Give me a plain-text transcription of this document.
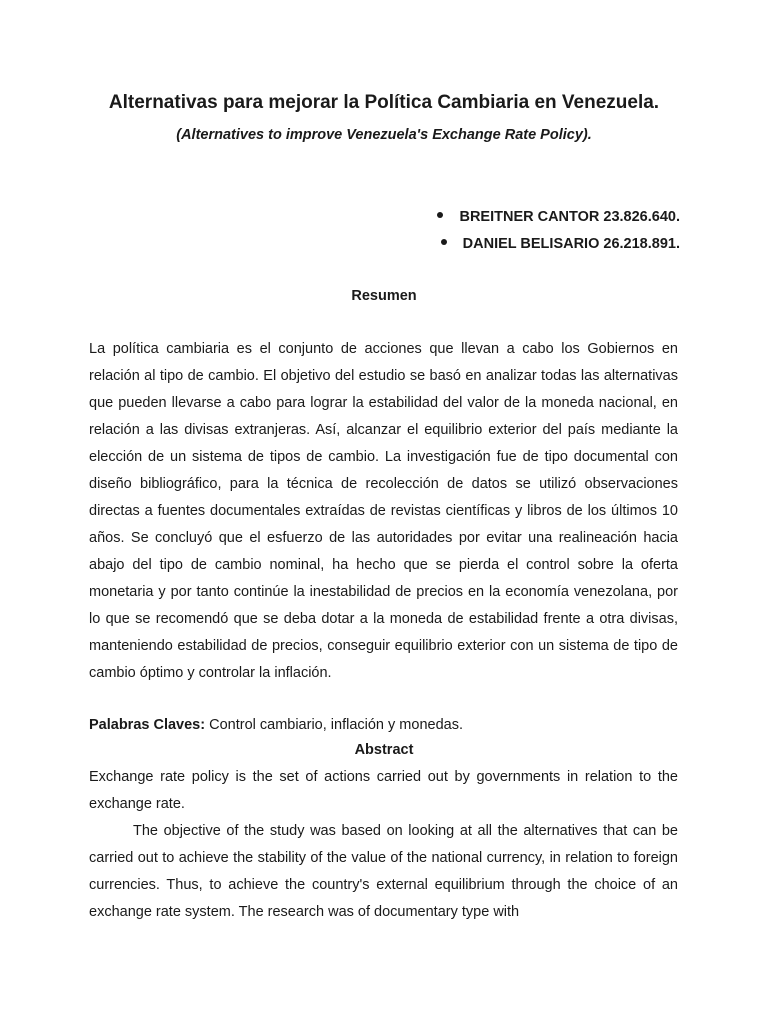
Alternativas para mejorar la Política Cambiaria en Venezuela.

(Alternatives to improve Venezuela's Exchange Rate Policy).

BREITNER CANTOR 23.826.640.
DANIEL BELISARIO 26.218.891.
Resumen

La política cambiaria es el conjunto de acciones que llevan a cabo los Gobiernos en relación al tipo de cambio. El objetivo del estudio se basó en analizar todas las alternativas que pueden llevarse a cabo para lograr la estabilidad del valor de la moneda nacional, en relación a las divisas extranjeras. Así, alcanzar el equilibrio exterior del país mediante la elección de un sistema de tipos de cambio. La investigación fue de tipo documental con diseño bibliográfico, para la técnica de recolección de datos se utilizó observaciones directas a fuentes documentales extraídas de revistas científicas y libros de los últimos 10 años. Se concluyó que el esfuerzo de las autoridades por evitar una realineación hacia abajo del tipo de cambio nominal, ha hecho que se pierda el control sobre la oferta monetaria y por tanto continúe la inestabilidad de precios en la economía venezolana, por lo que se recomendó que se deba dotar a la moneda de estabilidad frente a otra divisas, manteniendo estabilidad de precios, conseguir equilibrio exterior con un sistema de tipo de cambio óptimo y controlar la inflación.

Palabras Claves: Control cambiario, inflación y monedas.

Abstract

Exchange rate policy is the set of actions carried out by governments in relation to the exchange rate.

The objective of the study was based on looking at all the alternatives that can be carried out to achieve the stability of the value of the national currency, in relation to foreign currencies. Thus, to achieve the country's external equilibrium through the choice of an exchange rate system. The research was of documentary type with
